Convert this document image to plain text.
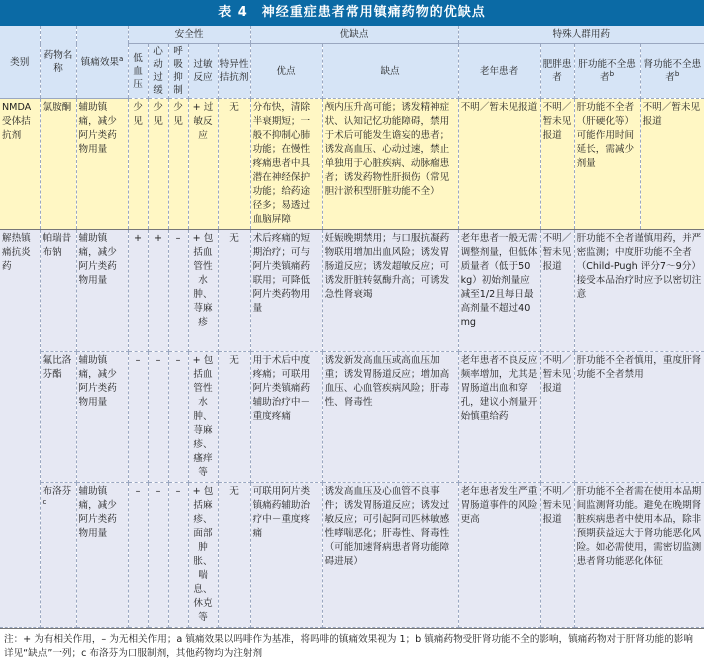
表 4　神经重症患者常用镇痛药物的优缺点
类别	药物名称	镇痛效果$^a$	安全性					优缺点		特殊人群用药			
			低血压	心动过缓	呼吸抑制	过敏反应	特异性拮抗剂	优点	缺点	老年患者	肥胖患者	肝功能不全患者$^b$	肾功能不全患者$^b$

NMDA受体拮抗剂	氯胺酮	辅助镇痛，减少阿片类药物用量	少见	少见	少见	+ 过敏反应	无	分布快，清除半衰期短；一般不抑制心肺功能；在慢性疼痛患者中具潜在神经保护功能；给药途径多；易透过血脑屏障	颅内压升高可能；诱发精神症状、认知记忆功能障碍，禁用于术后可能发生谵妄的患者；诱发高血压、心动过速，禁止单独用于心脏疾病、动脉瘤患者；诱发药物性肝损伤（常见胆汁淤积型肝脏功能不全）	不明／暂未见报道	不明／暂未见报道	肝功能不全者（肝硬化等）可能作用时间延长，需减少剂量	不明／暂未见报道
解热镇痛抗炎药	帕瑞昔布钠	辅助镇痛，减少阿片类药物用量	+	+	–	+ 包括血管性水肿、荨麻疹	无	术后疼痛的短期治疗；可与阿片类镇痛药联用；可降低阿片类药物用量	妊娠晚期禁用；与口服抗凝药物联用增加出血风险；诱发胃肠道反应；诱发超敏反应；可诱发肝脏转氨酶升高；可诱发急性肾衰竭	老年患者一般无需调整剂量，但低体质量者（低于50 kg）初始剂量应减至1/2且每日最高剂量不超过40 mg	不明／暂未见报道	肝功能不全者谨慎用药，并严密监测；中度肝功能不全者（Child-Pugh 评分7～9分）接受本品治疗时应予以密切注意	
	氟比洛芬酯	辅助镇痛，减少阿片类药物用量	–	–	–	+ 包括血管性水肿、荨麻疹、瘙痒等	无	用于术后中度疼痛；可联用阿片类镇痛药辅助治疗中－重度疼痛	诱发新发高血压或高血压加重；诱发胃肠道反应；增加高血压、心血管疾病风险；肝毒性、肾毒性	老年患者不良反应频率增加，尤其是胃肠道出血和穿孔，建议小剂量开始慎重给药	不明／暂未见报道	肝功能不全者慎用，重度肝肾功能不全者禁用	
	布洛芬$^c$	辅助镇痛，减少阿片类药物用量	–	–	–	+ 包括麻疹、面部肿胀、喘息、休克等	无	可联用阿片类镇痛药辅助治疗中－重度疼痛	诱发高血压及心血管不良事件；诱发胃肠道反应；诱发过敏反应；可引起阿司匹林敏感性哮喘恶化；肝毒性、肾毒性（可能加速肾病患者肾功能障碍进展）	老年患者发生严重胃肠道事件的风险更高	不明／暂未见报道	肝功能不全者需在使用本品期间监测肾功能。避免在晚期肾脏疾病患者中使用本品，除非预期获益远大于肾功能恶化风险。如必需使用，需密切监测患者肾功能恶化体征	
注：+ 为有相关作用，– 为无相关作用；a 镇痛效果以吗啡作为基准，将吗啡的镇痛效果视为 1；b 镇痛药物受肝肾功能不全的影响，镇痛药物对于肝肾功能的影响详见“缺点”一列；c 布洛芬为口服制剂，其他药物均为注射剂
